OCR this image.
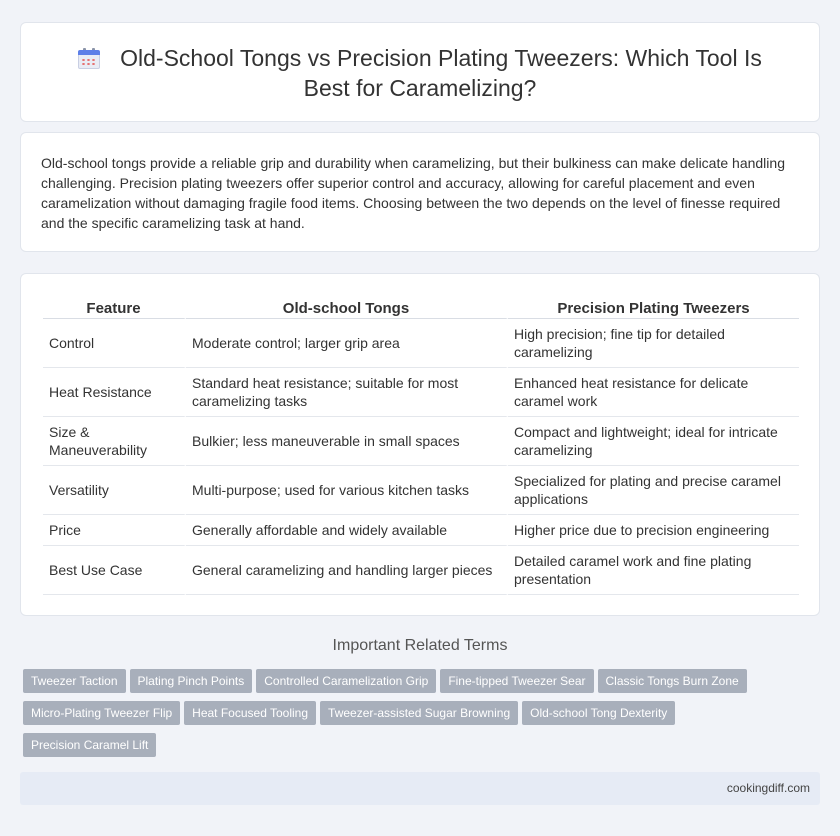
Old-School Tongs vs Precision Plating Tweezers: Which Tool Is Best for Caramelizing?

Old-school tongs provide a reliable grip and durability when caramelizing, but their bulkiness can make delicate handling challenging. Precision plating tweezers offer superior control and accuracy, allowing for careful placement and even caramelization without damaging fragile food items. Choosing between the two depends on the level of finesse required and the specific caramelizing task at hand.

Feature	Old-school Tongs	Precision Plating Tweezers
Control	Moderate control; larger grip area	High precision; fine tip for detailed caramelizing
Heat Resistance	Standard heat resistance; suitable for most caramelizing tasks	Enhanced heat resistance for delicate caramel work
Size & Maneuverability	Bulkier; less maneuverable in small spaces	Compact and lightweight; ideal for intricate caramelizing
Versatility	Multi-purpose; used for various kitchen tasks	Specialized for plating and precise caramel applications
Price	Generally affordable and widely available	Higher price due to precision engineering
Best Use Case	General caramelizing and handling larger pieces	Detailed caramel work and fine plating presentation
Important Related Terms
Tweezer Taction Plating Pinch Points Controlled Caramelization Grip Fine-tipped Tweezer Sear Classic Tongs Burn Zone
Micro-Plating Tweezer Flip Heat Focused Tooling Tweezer-assisted Sugar Browning Old-school Tong Dexterity
Precision Caramel Lift
cookingdiff.com
